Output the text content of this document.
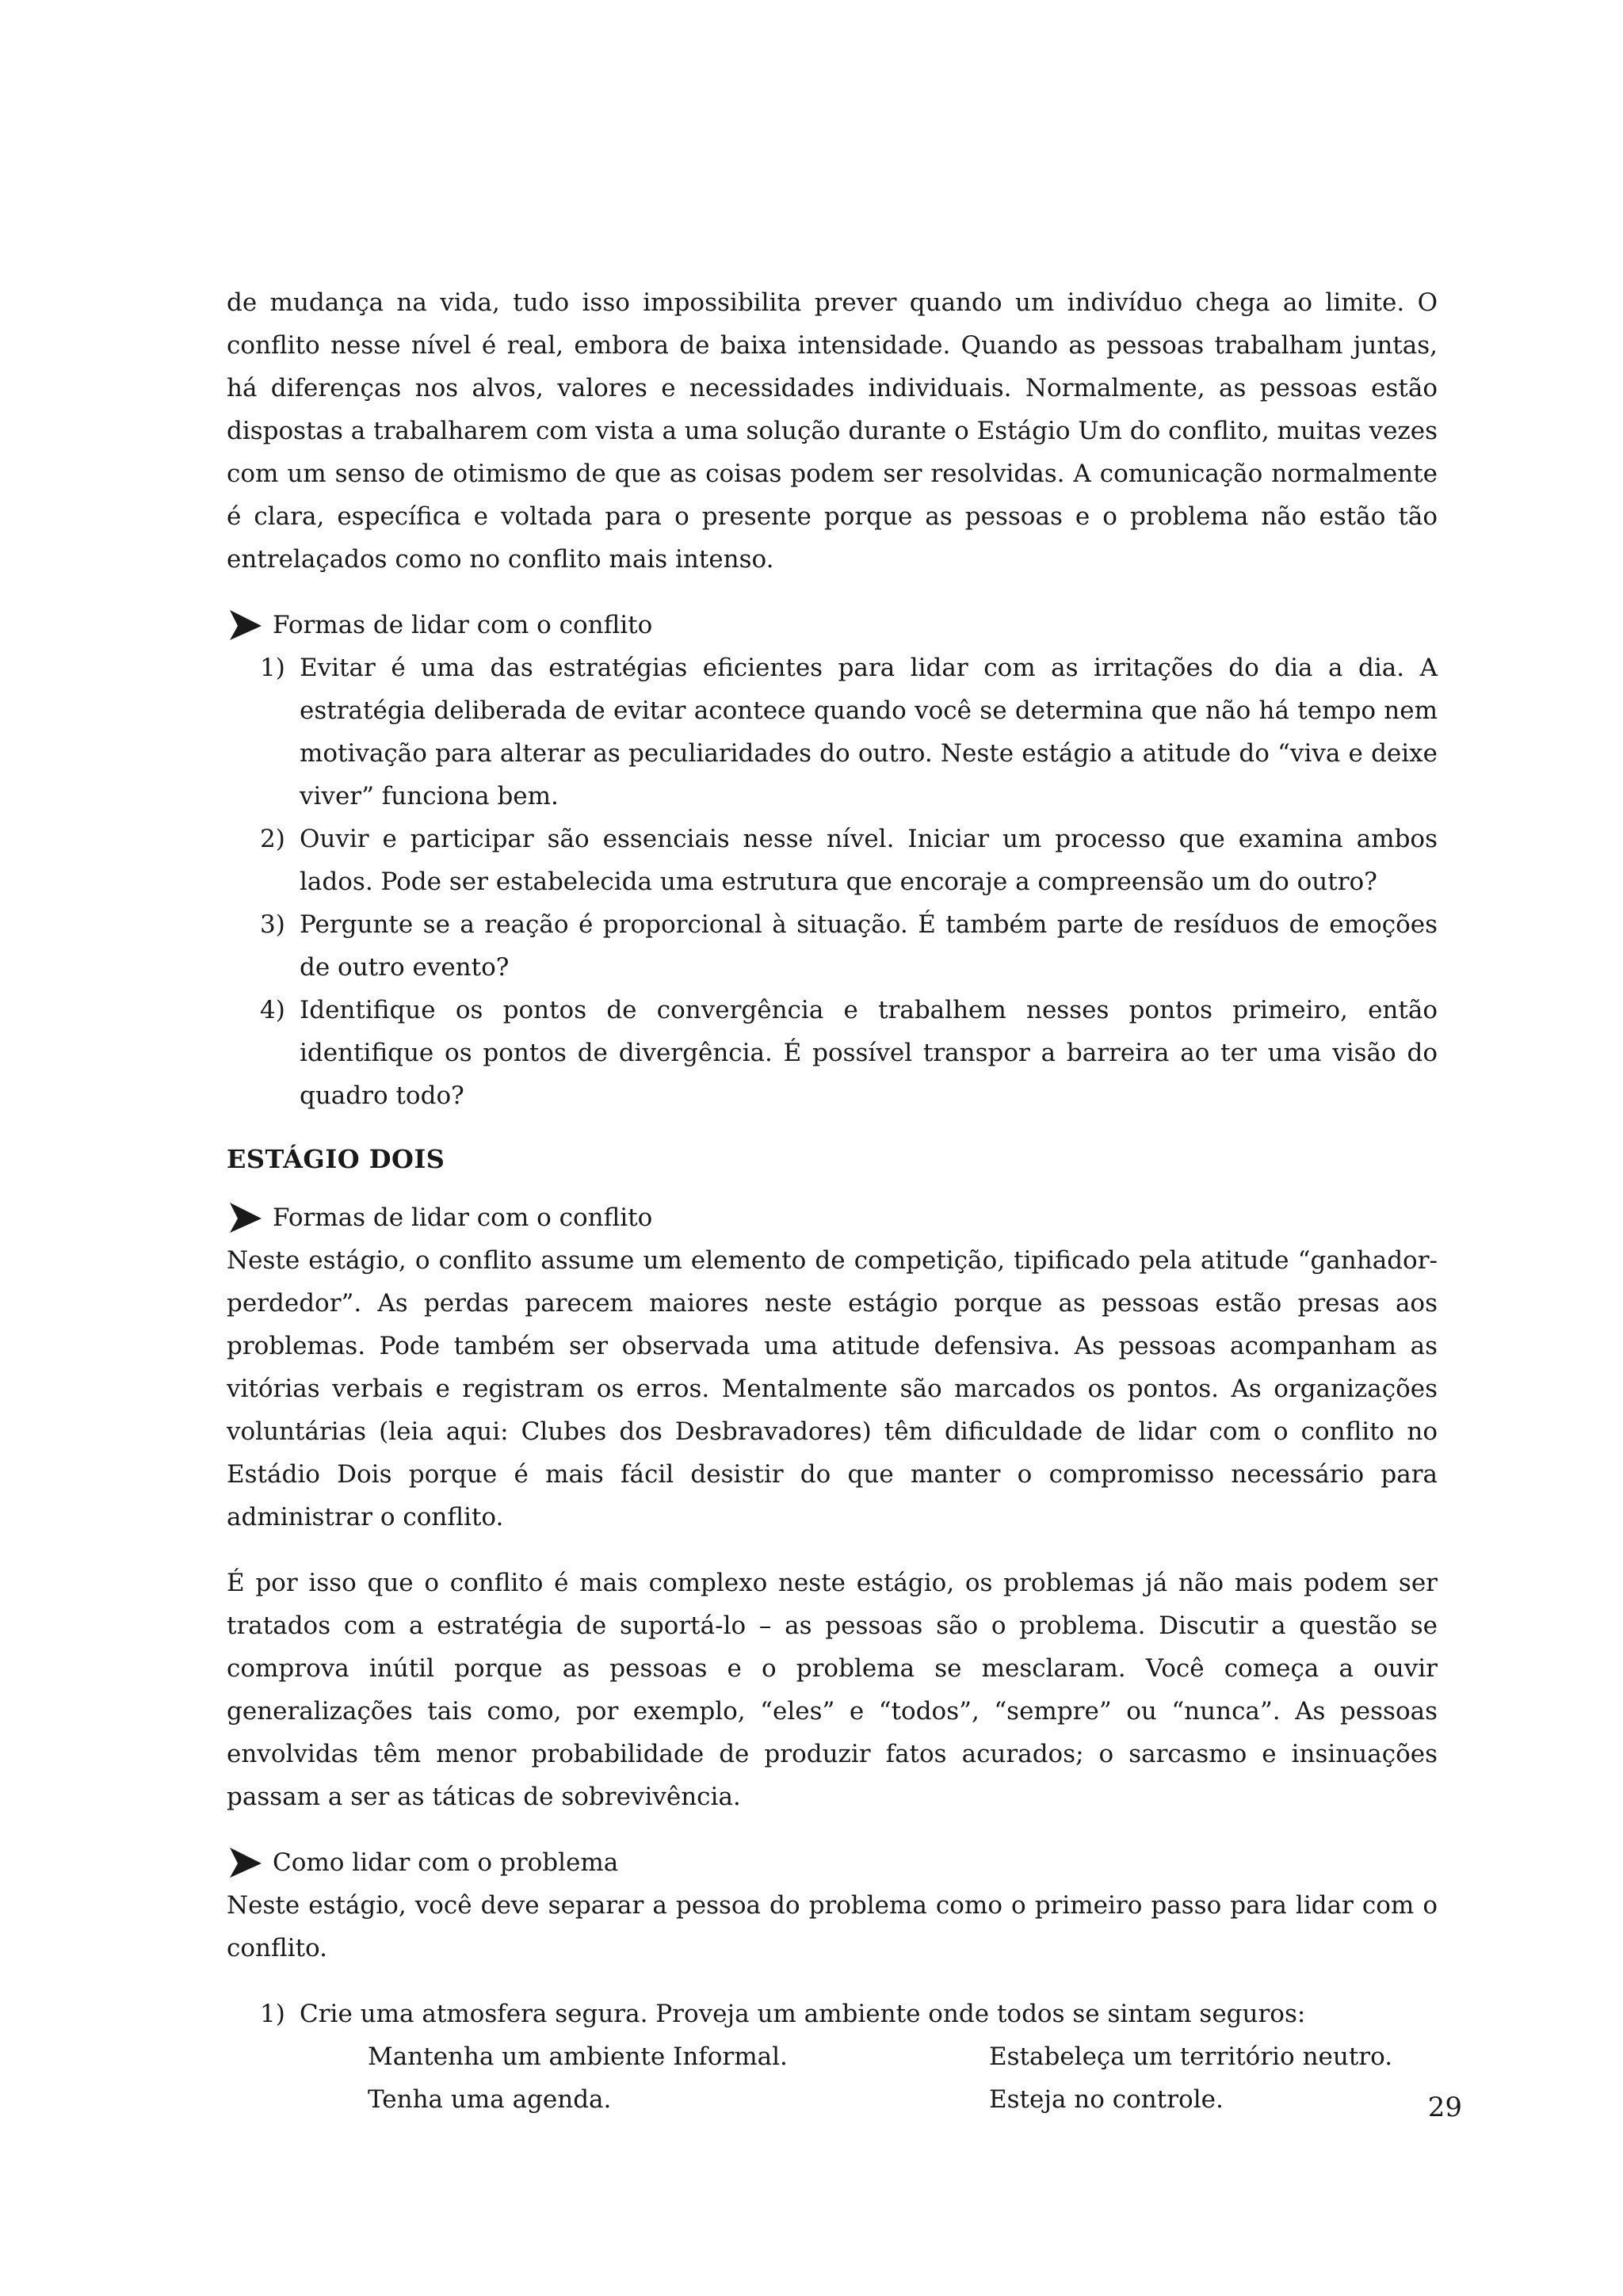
de mudança na vida, tudo isso impossibilita prever quando um indivíduo chega ao limite. O conflito nesse nível é real, embora de baixa intensidade. Quando as pessoas trabalham juntas, há diferenças nos alvos, valores e necessidades individuais. Normalmente, as pessoas estão dispostas a trabalharem com vista a uma solução durante o Estágio Um do conflito, muitas vezes com um senso de otimismo de que as coisas podem ser resolvidas. A comunicação normalmente é clara, específica e voltada para o presente porque as pessoas e o problema não estão tão entrelaçados como no conflito mais intenso.

Formas de lidar com o conflito
1) Evitar é uma das estratégias eficientes para lidar com as irritações do dia a dia. A estratégia deliberada de evitar acontece quando você se determina que não há tempo nem motivação para alterar as peculiaridades do outro. Neste estágio a atitude do “viva e deixe viver” funciona bem.
2) Ouvir e participar são essenciais nesse nível. Iniciar um processo que examina ambos lados. Pode ser estabelecida uma estrutura que encoraje a compreensão um do outro?
3) Pergunte se a reação é proporcional à situação. É também parte de resíduos de emoções de outro evento?
4) Identifique os pontos de convergência e trabalhem nesses pontos primeiro, então identifique os pontos de divergência. É possível transpor a barreira ao ter uma visão do quadro todo?
ESTÁGIO DOIS
Formas de lidar com o conflito

Neste estágio, o conflito assume um elemento de competição, tipificado pela atitude “ganhador-perdedor”. As perdas parecem maiores neste estágio porque as pessoas estão presas aos problemas. Pode também ser observada uma atitude defensiva. As pessoas acompanham as vitórias verbais e registram os erros. Mentalmente são marcados os pontos. As organizações voluntárias (leia aqui: Clubes dos Desbravadores) têm dificuldade de lidar com o conflito no Estádio Dois porque é mais fácil desistir do que manter o compromisso necessário para administrar o conflito.

É por isso que o conflito é mais complexo neste estágio, os problemas já não mais podem ser tratados com a estratégia de suportá-lo – as pessoas são o problema. Discutir a questão se comprova inútil porque as pessoas e o problema se mesclaram. Você começa a ouvir generalizações tais como, por exemplo, “eles” e “todos”, “sempre” ou “nunca”. As pessoas envolvidas têm menor probabilidade de produzir fatos acurados; o sarcasmo e insinuações passam a ser as táticas de sobrevivência.

Como lidar com o problema

Neste estágio, você deve separar a pessoa do problema como o primeiro passo para lidar com o conflito.

1) Crie uma atmosfera segura. Proveja um ambiente onde todos se sintam seguros:
Mantenha um ambiente Informal.	Estabeleça um território neutro.
Tenha uma agenda.	Esteja no controle.	29
